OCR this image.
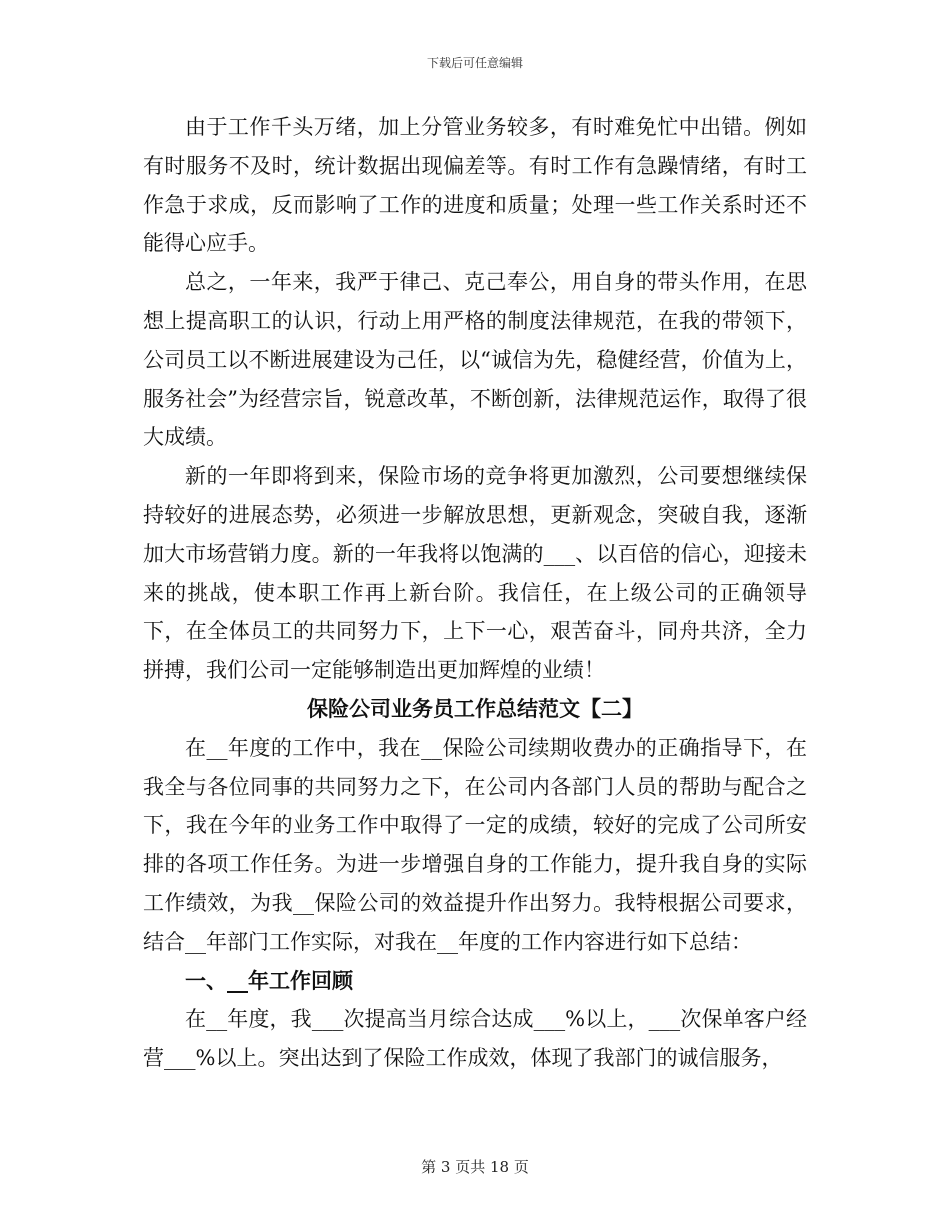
下载后可任意编辑

由于工作千头万绪，加上分管业务较多，有时难免忙中出错。例如有时服务不及时，统计数据出现偏差等。有时工作有急躁情绪，有时工作急于求成，反而影响了工作的进度和质量；处理一些工作关系时还不能得心应手。

总之，一年来，我严于律己、克己奉公，用自身的带头作用，在思想上提高职工的认识，行动上用严格的制度法律规范，在我的带领下，公司员工以不断进展建设为己任，以“诚信为先，稳健经营，价值为上，服务社会”为经营宗旨，锐意改革，不断创新，法律规范运作，取得了很大成绩。

新的一年即将到来，保险市场的竞争将更加激烈，公司要想继续保持较好的进展态势，必须进一步解放思想，更新观念，突破自我，逐渐加大市场营销力度。新的一年我将以饱满的___、以百倍的信心，迎接未来的挑战，使本职工作再上新台阶。我信任，在上级公司的正确领导下，在全体员工的共同努力下，上下一心，艰苦奋斗，同舟共济，全力拼搏，我们公司一定能够制造出更加辉煌的业绩！

保险公司业务员工作总结范文【二】

在__年度的工作中，我在__保险公司续期收费办的正确指导下，在我全与各位同事的共同努力之下，在公司内各部门人员的帮助与配合之下，我在今年的业务工作中取得了一定的成绩，较好的完成了公司所安排的各项工作任务。为进一步增强自身的工作能力，提升我自身的实际工作绩效，为我__保险公司的效益提升作出努力。我特根据公司要求，结合__年部门工作实际，对我在__年度的工作内容进行如下总结：

一、__年工作回顾

在__年度，我___次提高当月综合达成___%以上，___次保单客户经营___%以上。突出达到了保险工作成效，体现了我部门的诚信服务，

第 3 页共 18 页
